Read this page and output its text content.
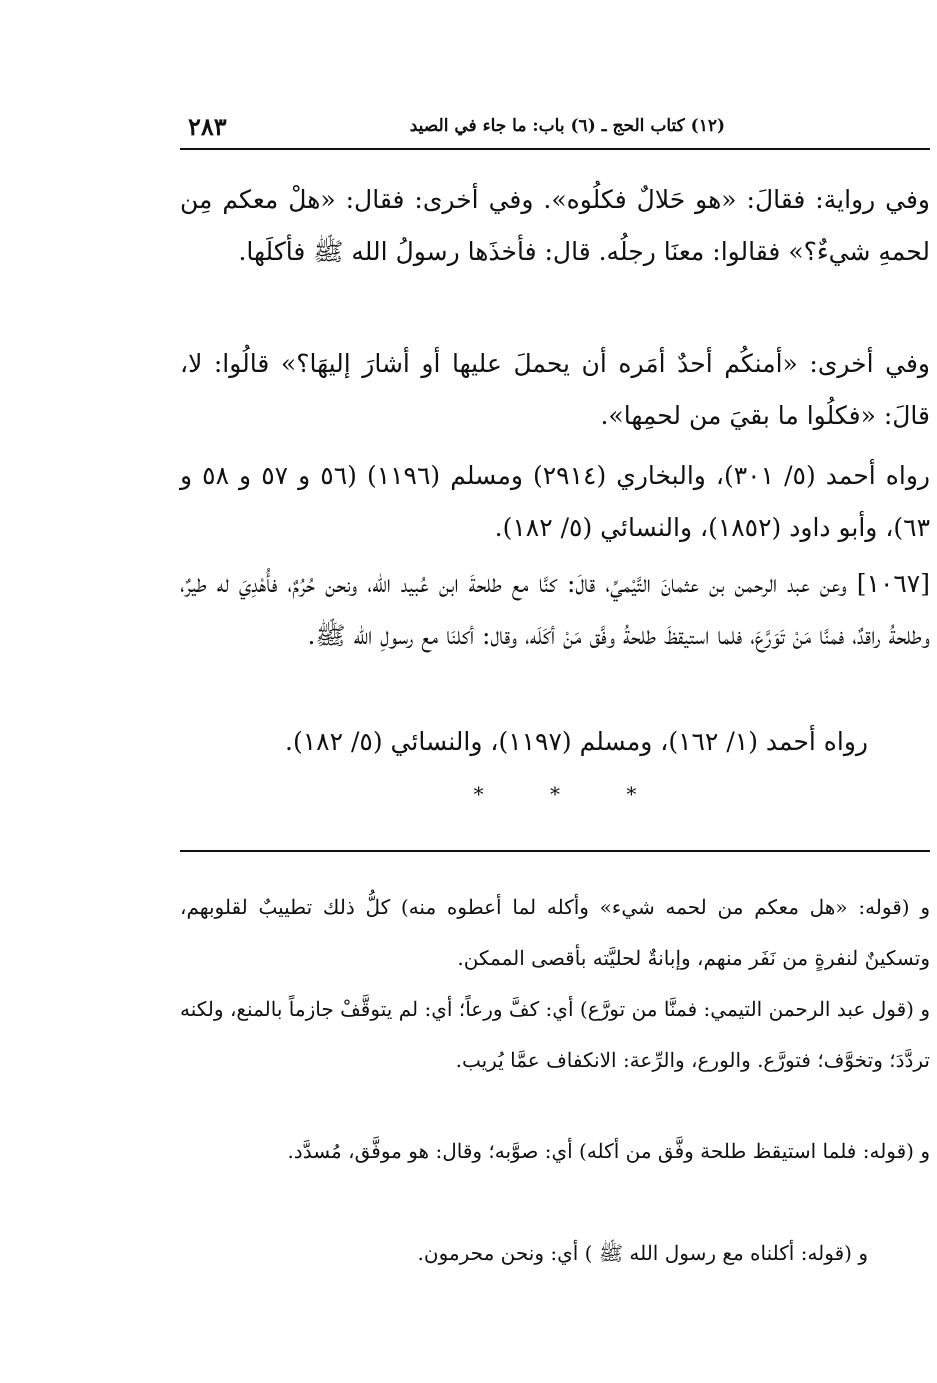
(١٢) كتاب الحج ـ (٦) باب: ما جاء في الصيد
٢٨٣

وفي رواية: فقالَ: «هو حَلالٌ فكلُوه». وفي أخرى: فقال: «هلْ معكم مِن لحمهِ شيءٌ؟» فقالوا: معنَا رجلُه. قال: فأخذَها رسولُ الله ﷺ فأكلَها.

وفي أخرى: «أمنكُم أحدٌ أمَره أن يحملَ عليها أو أشارَ إليهَا؟» قالُوا: لا، قالَ: «فكلُوا ما بقيَ من لحمِها».

رواه أحمد (٥/ ٣٠١)، والبخاري (٢٩١٤) ومسلم (١١٩٦) (٥٦ و ٥٧ و ٥٨ و ٦٣)، وأبو داود (١٨٥٢)، والنسائي (٥/ ١٨٢).

[١٠٦٧] وعن عبد الرحمن بن عثمانَ التَّيْميِّ، قالَ: كنَّا مع طلحةَ ابن عُبيد الله، ونحن حُرُمٌ، فأُهْدِيَ له طيرٌ، وطلحةُ راقدٌ، فمنَّا مَنْ تَوَرَّعَ، فلما استيقظَ طلحةُ وفَّق مَنْ أكَلَه، وقال: أكلنَا مع رسولِ الله ﷺ.

رواه أحمد (١/ ١٦٢)، ومسلم (١١٩٧)، والنسائي (٥/ ١٨٢).

*	*	*

و (قوله: «هل معكم من لحمه شيء» وأكله لما أعطوه منه) كلُّ ذلك تطييبٌ لقلوبهم، وتسكينٌ لنفرةٍ من نَفَر منهم، وإبانةٌ لحليَّته بأقصى الممكن.

و (قول عبد الرحمن التيمي: فمنَّا من تورَّع) أي: كفَّ ورعاً؛ أي: لم يتوقَّفْ جازماً بالمنع، ولكنه تردَّدَ؛ وتخوَّف؛ فتورَّع. والورع، والرِّعة: الانكفاف عمَّا يُريب.

و (قوله: فلما استيقظ طلحة وفَّق من أكله) أي: صوَّبه؛ وقال: هو موفَّق، مُسدَّد.

و (قوله: أكلناه مع رسول الله ﷺ ) أي: ونحن محرمون.
